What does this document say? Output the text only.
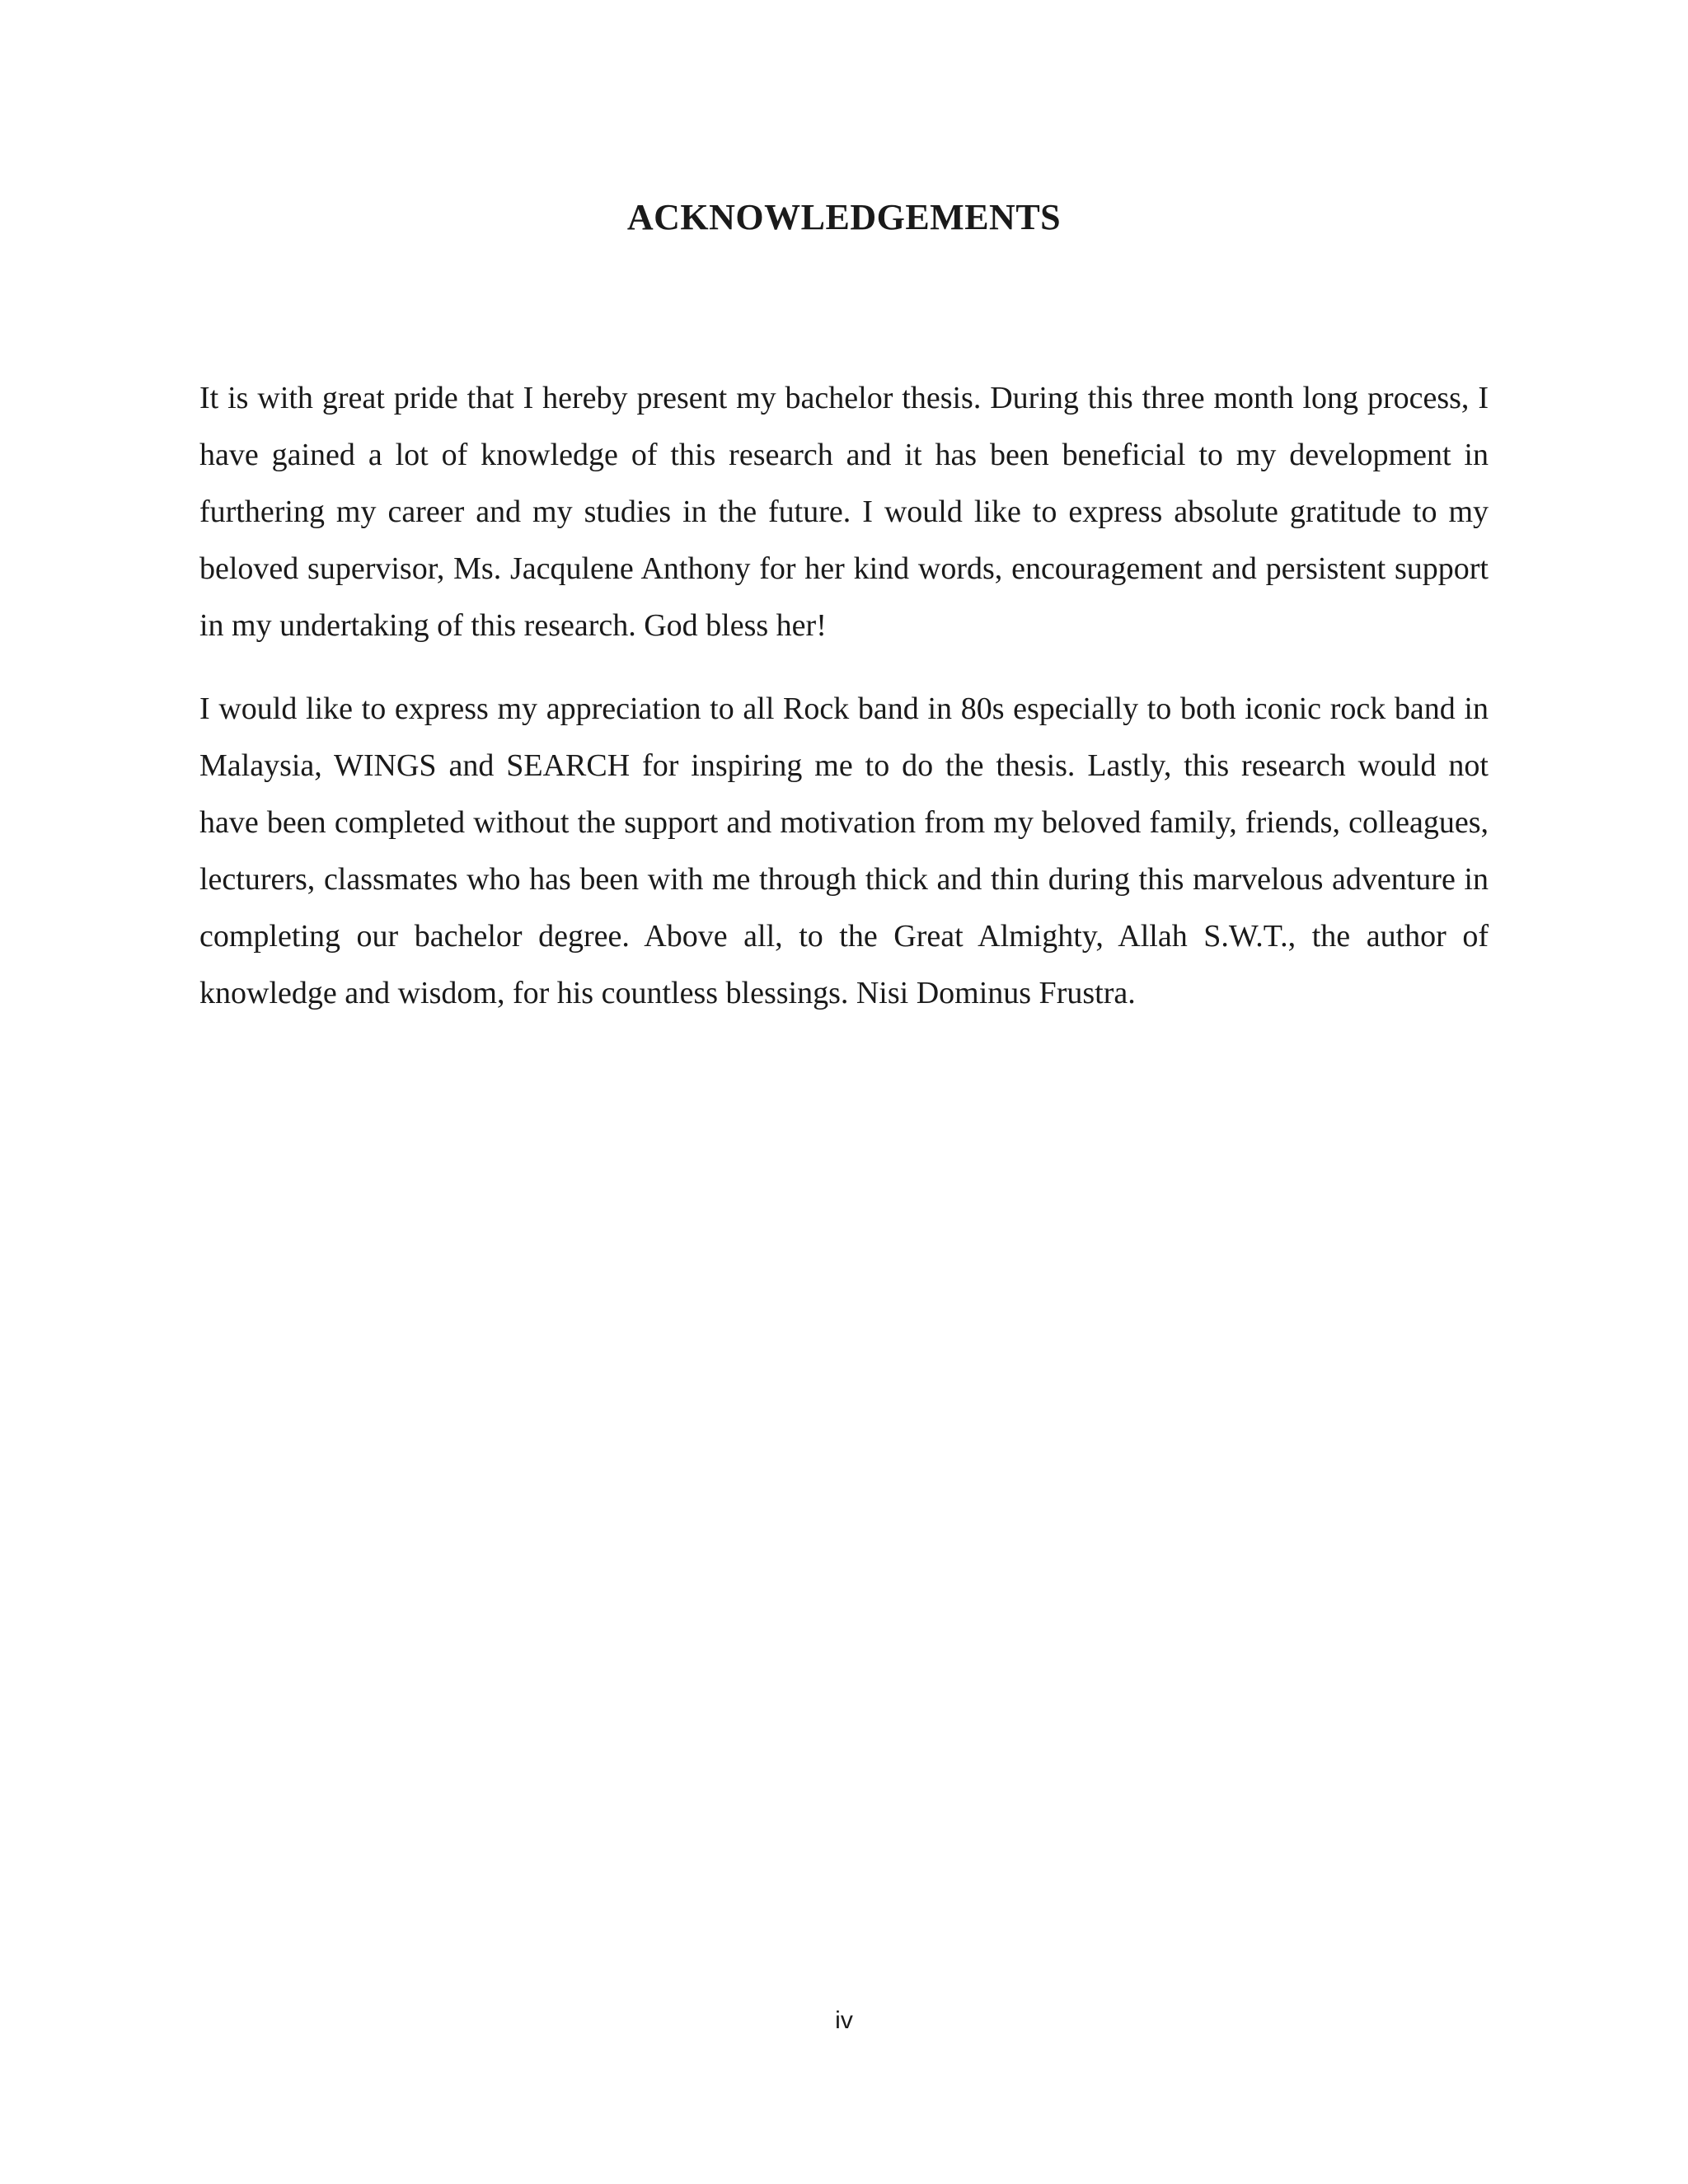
ACKNOWLEDGEMENTS

It is with great pride that I hereby present my bachelor thesis. During this three month long process, I have gained a lot of knowledge of this research and it has been beneficial to my development in furthering my career and my studies in the future. I would like to express absolute gratitude to my beloved supervisor, Ms. Jacqulene Anthony for her kind words, encouragement and persistent support in my undertaking of this research. God bless her!

I would like to express my appreciation to all Rock band in 80s especially to both iconic rock band in Malaysia, WINGS and SEARCH for inspiring me to do the thesis. Lastly, this research would not have been completed without the support and motivation from my beloved family, friends, colleagues, lecturers, classmates who has been with me through thick and thin during this marvelous adventure in completing our bachelor degree. Above all, to the Great Almighty, Allah S.W.T., the author of knowledge and wisdom, for his countless blessings. Nisi Dominus Frustra.

iv
